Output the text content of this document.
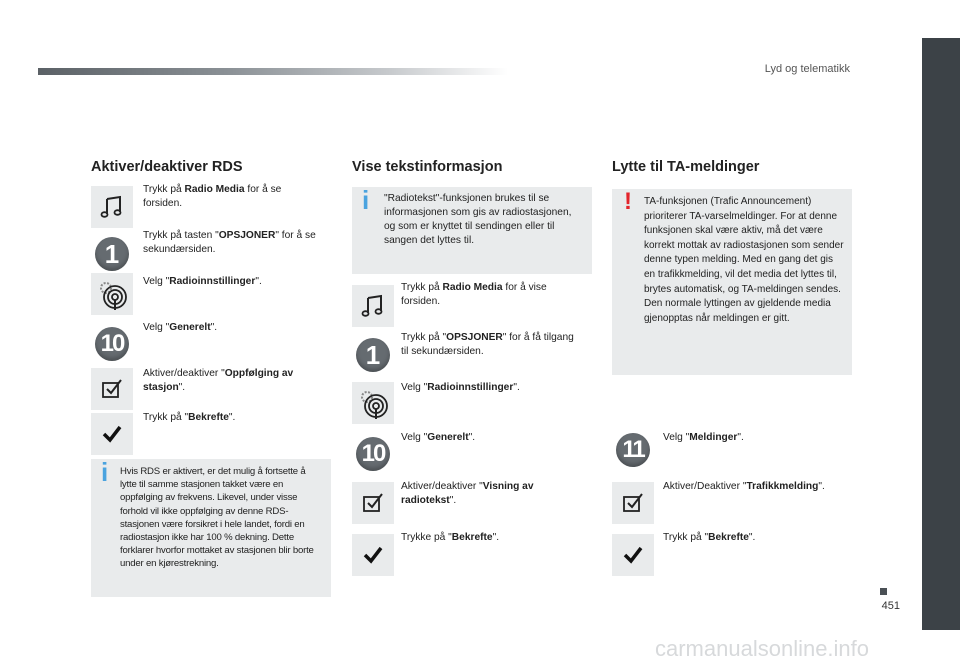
Lyd og telematikk
451
carmanualsonline.info
Aktiver/deaktiver RDS
Trykk på Radio Media for å se forsiden.
1
Trykk på tasten "OPSJONER" for å se sekundærsiden.
Velg "Radioinnstillinger".
10
Velg "Generelt".
Aktiver/deaktiver "Oppfølging av stasjon".
Trykk på "Bekrefte".
i Hvis RDS er aktivert, er det mulig å fortsette å lytte til samme stasjonen takket være en oppfølging av frekvens. Likevel, under visse forhold vil ikke oppfølging av denne RDS-stasjonen være forsikret i hele landet, fordi en radiostasjon ikke har 100 % dekning. Dette forklarer hvorfor mottaket av stasjonen blir borte under en kjørestrekning.
Vise tekstinformasjon
i "Radiotekst"-funksjonen brukes til se informasjonen som gis av radiostasjonen, og som er knyttet til sendingen eller til sangen det lyttes til.
Trykk på Radio Media for å vise forsiden.
1
Trykk på "OPSJONER" for å få tilgang til sekundærsiden.
Velg "Radioinnstillinger".
10
Velg "Generelt".
Aktiver/deaktiver "Visning av radiotekst".
Trykke på "Bekrefte".
Lytte til TA-meldinger
! TA-funksjonen (Trafic Announcement) prioriterer TA-varselmeldinger. For at denne funksjonen skal være aktiv, må det være korrekt mottak av radiostasjonen som sender denne typen melding. Med en gang det gis en trafikkmelding, vil det media det lyttes til, brytes automatisk, og TA-meldingen sendes. Den normale lyttingen av gjeldende media gjenopptas når meldingen er gitt.
11 Velg "Meldinger".
Aktiver/Deaktiver "Trafikkmelding".
Trykk på "Bekrefte".
